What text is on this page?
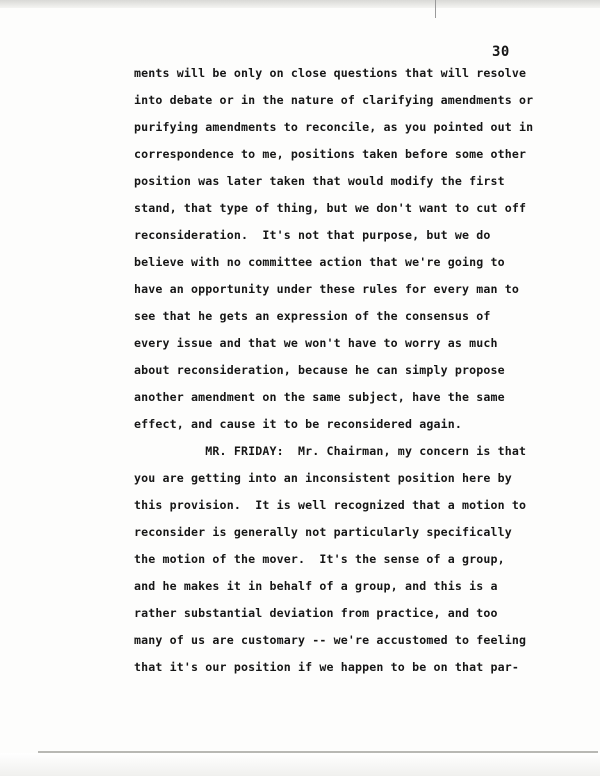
30
ments will be only on close questions that will resolve
into debate or in the nature of clarifying amendments or
purifying amendments to reconcile, as you pointed out in
correspondence to me, positions taken before some other
position was later taken that would modify the first
stand, that type of thing, but we don't want to cut off
reconsideration.  It's not that purpose, but we do
believe with no committee action that we're going to
have an opportunity under these rules for every man to
see that he gets an expression of the consensus of
every issue and that we won't have to worry as much
about reconsideration, because he can simply propose
another amendment on the same subject, have the same
effect, and cause it to be reconsidered again.
MR. FRIDAY:  Mr. Chairman, my concern is that
you are getting into an inconsistent position here by
this provision.  It is well recognized that a motion to
reconsider is generally not particularly specifically
the motion of the mover.  It's the sense of a group,
and he makes it in behalf of a group, and this is a
rather substantial deviation from practice, and too
many of us are customary -- we're accustomed to feeling
that it's our position if we happen to be on that par-
